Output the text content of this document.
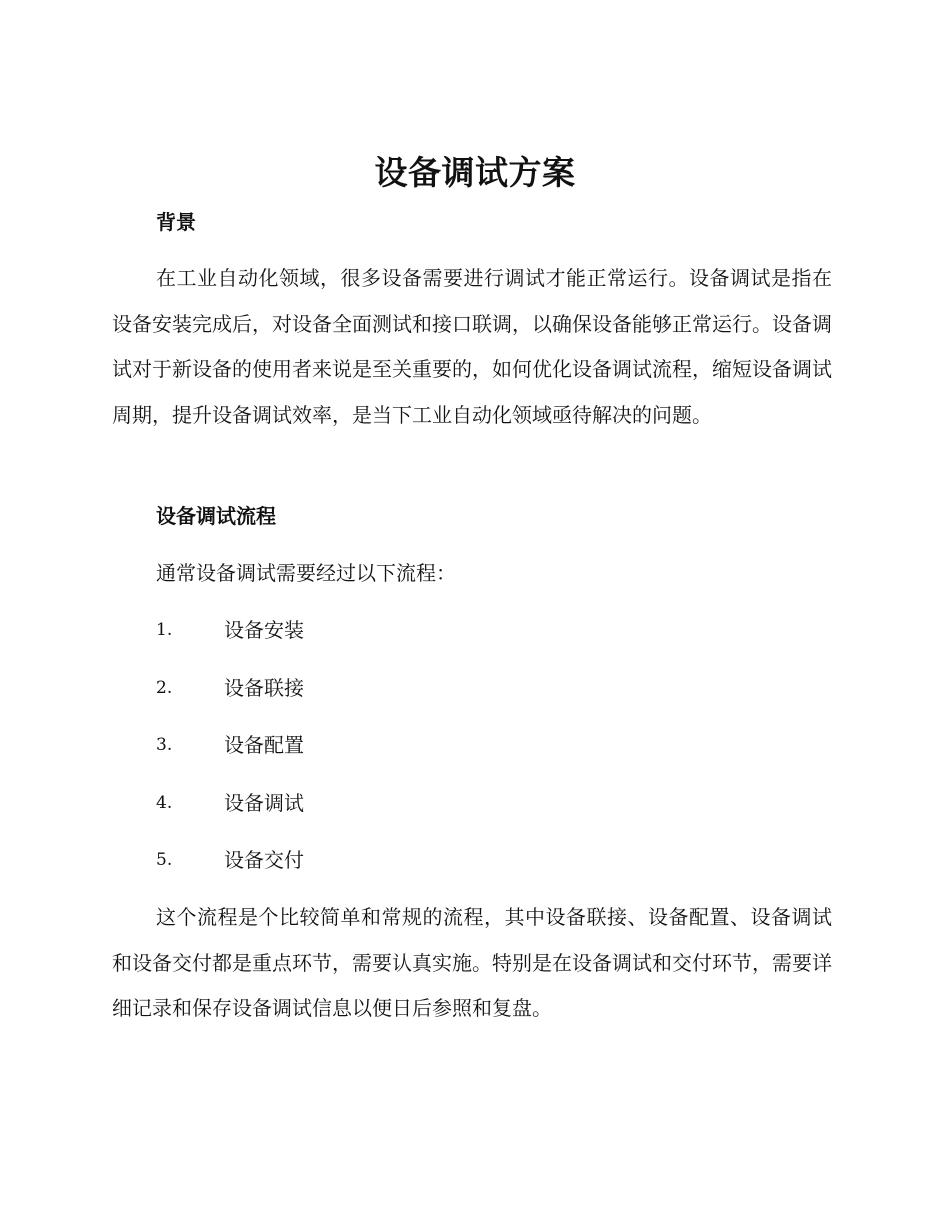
设备调试方案
背景

在工业自动化领域，很多设备需要进行调试才能正常运行。设备调试是指在设备安装完成后，对设备全面测试和接口联调，以确保设备能够正常运行。设备调试对于新设备的使用者来说是至关重要的，如何优化设备调试流程，缩短设备调试周期，提升设备调试效率，是当下工业自动化领域亟待解决的问题。

设备调试流程
通常设备调试需要经过以下流程：
1.	设备安装
2.	设备联接
3.	设备配置
4.	设备调试
5.	设备交付

这个流程是个比较简单和常规的流程，其中设备联接、设备配置、设备调试和设备交付都是重点环节，需要认真实施。特别是在设备调试和交付环节，需要详细记录和保存设备调试信息以便日后参照和复盘。
